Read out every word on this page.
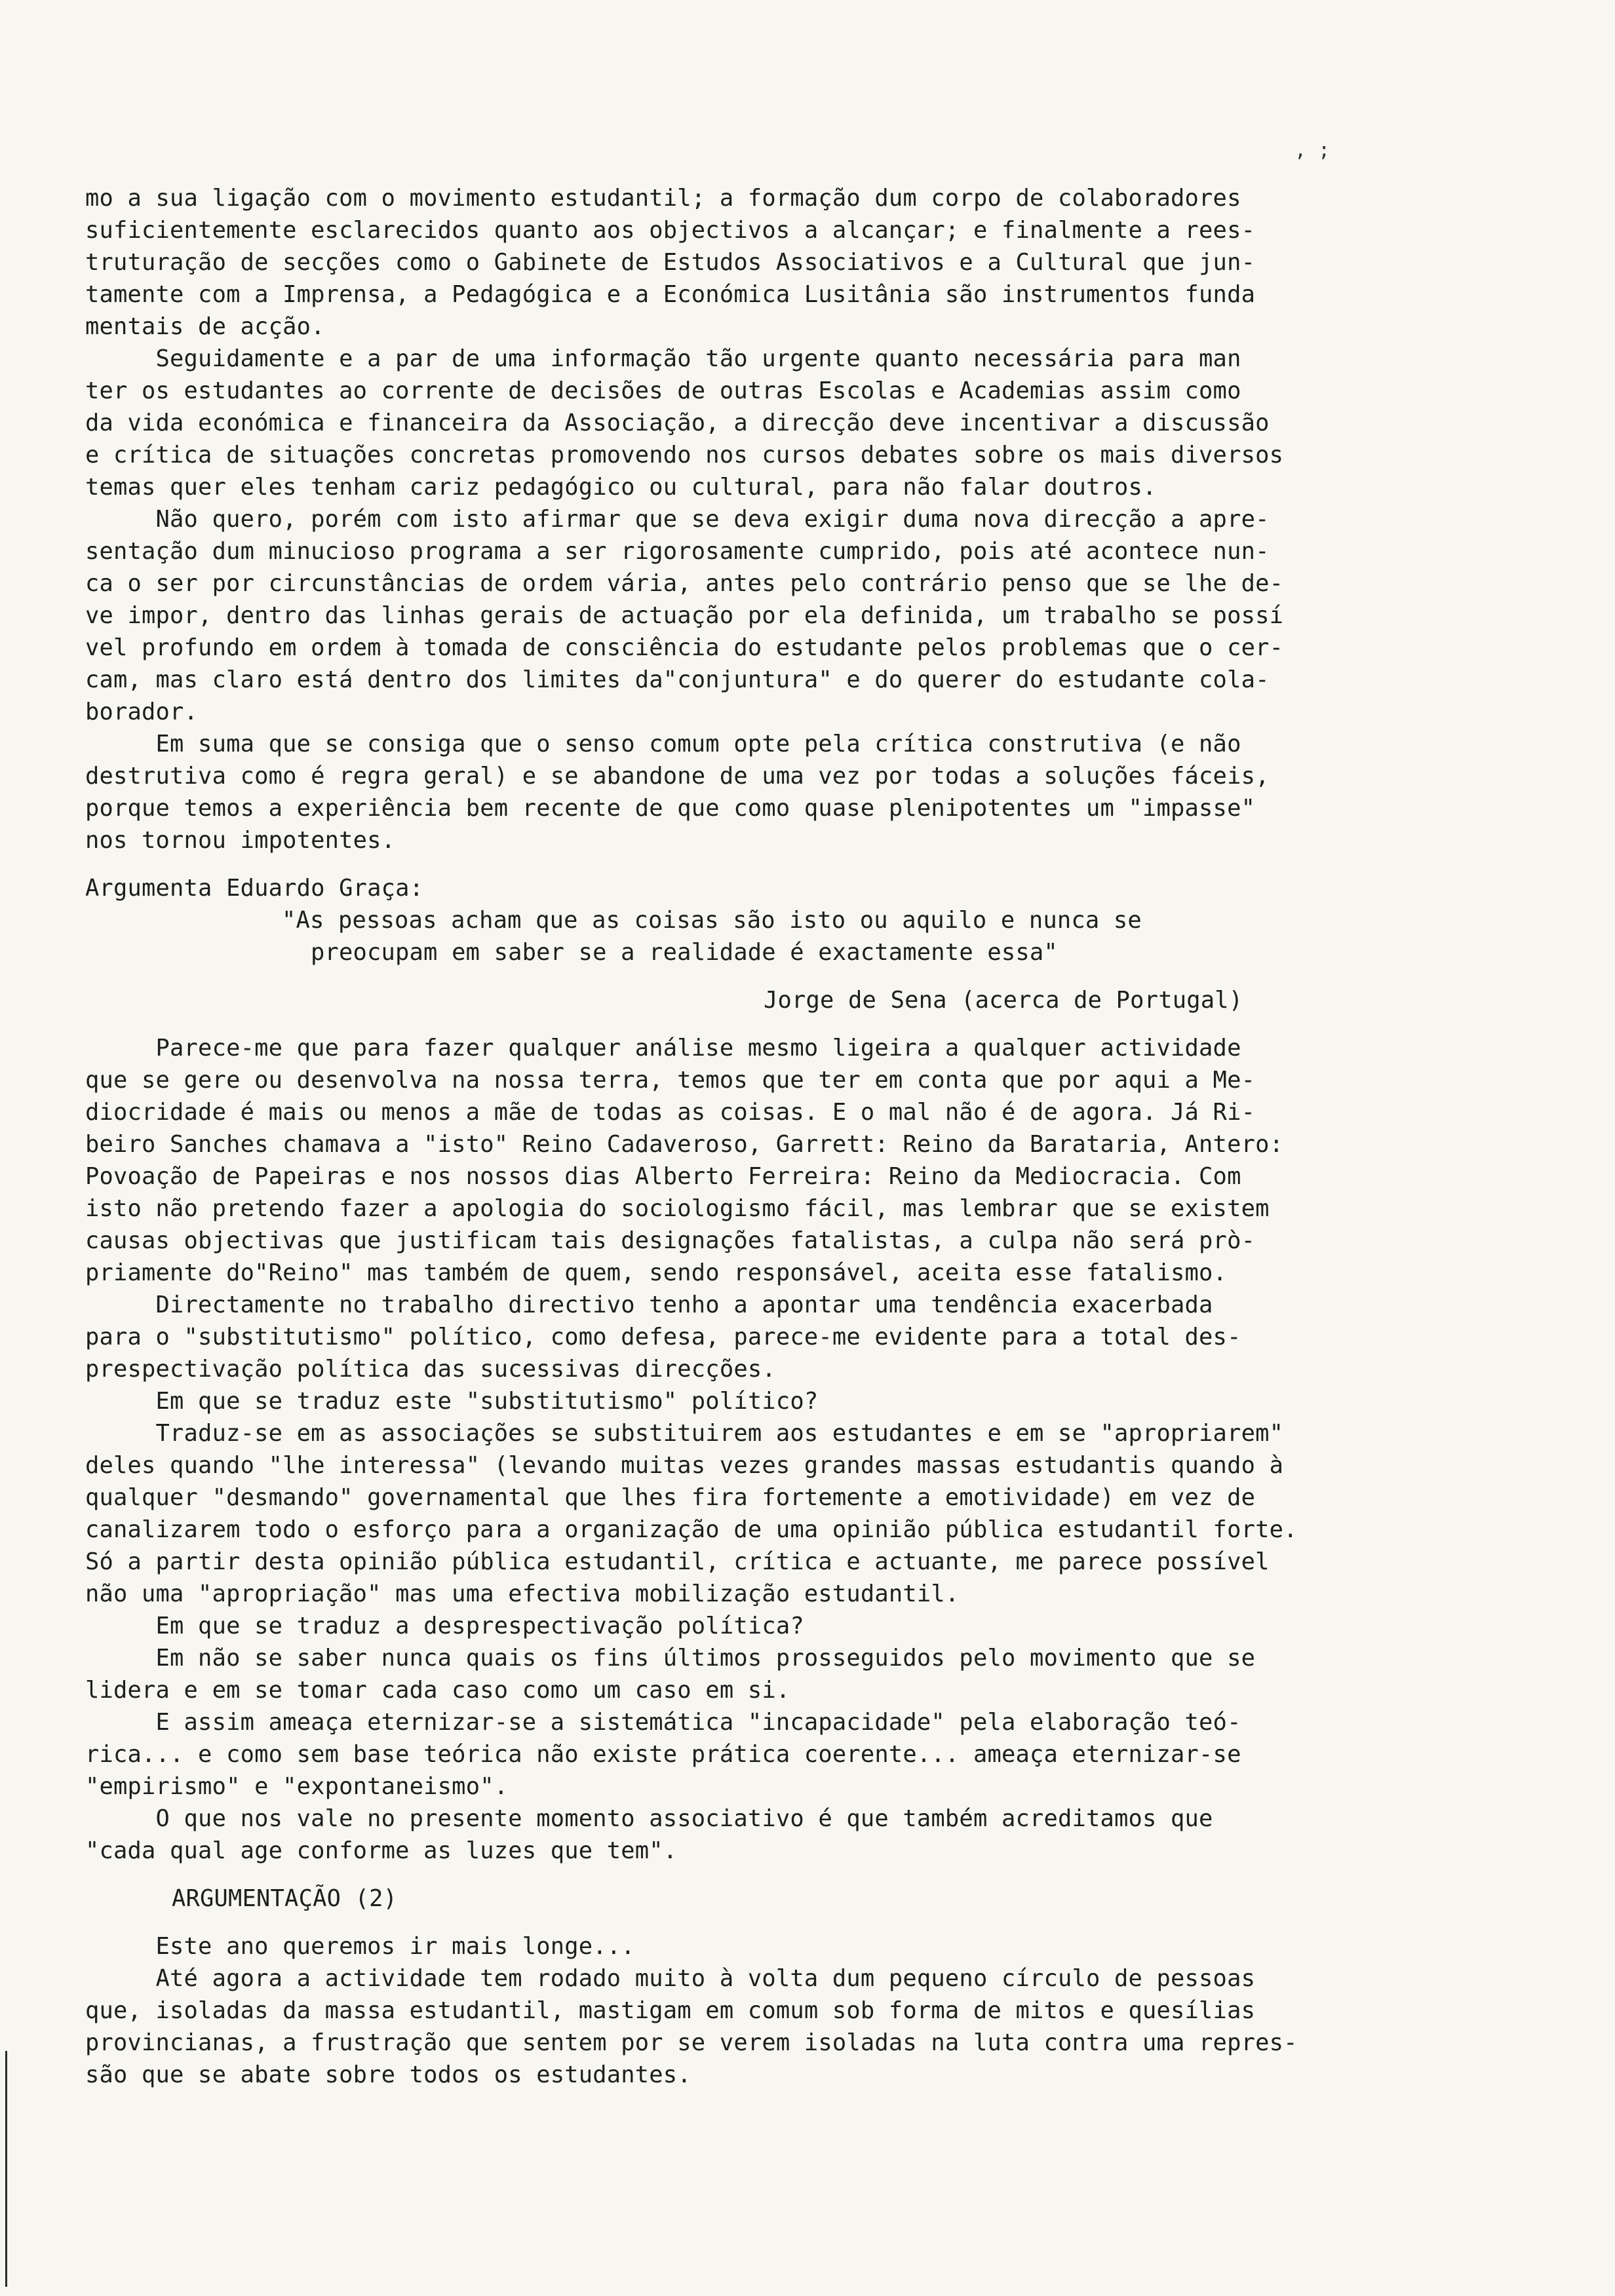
, ;
mo a sua ligação com o movimento estudantil; a formação dum corpo de colaboradores
suficientemente esclarecidos quanto aos objectivos a alcançar; e finalmente a rees-
truturação de secções como o Gabinete de Estudos Associativos e a Cultural que jun-
tamente com a Imprensa, a Pedagógica e a Económica Lusitânia são instrumentos funda
mentais de acção.
Seguidamente e a par de uma informação tão urgente quanto necessária para man
ter os estudantes ao corrente de decisões de outras Escolas e Academias assim como
da vida económica e financeira da Associação, a direcção deve incentivar a discussão
e crítica de situações concretas promovendo nos cursos debates sobre os mais diversos
temas quer eles tenham cariz pedagógico ou cultural, para não falar doutros.
Não quero, porém com isto afirmar que se deva exigir duma nova direcção a apre-
sentação dum minucioso programa a ser rigorosamente cumprido, pois até acontece nun-
ca o ser por circunstâncias de ordem vária, antes pelo contrário penso que se lhe de-
ve impor, dentro das linhas gerais de actuação por ela definida, um trabalho se possí
vel profundo em ordem à tomada de consciência do estudante pelos problemas que o cer-
cam, mas claro está dentro dos limites da"conjuntura" e do querer do estudante cola-
borador.
Em suma que se consiga que o senso comum opte pela crítica construtiva (e não
destrutiva como é regra geral) e se abandone de uma vez por todas a soluções fáceis,
porque temos a experiência bem recente de que como quase plenipotentes um "impasse"
nos tornou impotentes.
Argumenta Eduardo Graça:
"As pessoas acham que as coisas são isto ou aquilo e nunca se
preocupam em saber se a realidade é exactamente essa"
Jorge de Sena (acerca de Portugal)
Parece-me que para fazer qualquer análise mesmo ligeira a qualquer actividade
que se gere ou desenvolva na nossa terra, temos que ter em conta que por aqui a Me-
diocridade é mais ou menos a mãe de todas as coisas. E o mal não é de agora. Já Ri-
beiro Sanches chamava a "isto" Reino Cadaveroso, Garrett: Reino da Barataria, Antero:
Povoação de Papeiras e nos nossos dias Alberto Ferreira: Reino da Mediocracia. Com
isto não pretendo fazer a apologia do sociologismo fácil, mas lembrar que se existem
causas objectivas que justificam tais designações fatalistas, a culpa não será prò-
priamente do"Reino" mas também de quem, sendo responsável, aceita esse fatalismo.
Directamente no trabalho directivo tenho a apontar uma tendência exacerbada
para o "substitutismo" político, como defesa, parece-me evidente para a total des-
prespectivação política das sucessivas direcções.
Em que se traduz este "substitutismo" político?
Traduz-se em as associações se substituirem aos estudantes e em se "apropriarem"
deles quando "lhe interessa" (levando muitas vezes grandes massas estudantis quando à
qualquer "desmando" governamental que lhes fira fortemente a emotividade) em vez de
canalizarem todo o esforço para a organização de uma opinião pública estudantil forte.
Só a partir desta opinião pública estudantil, crítica e actuante, me parece possível
não uma "apropriação" mas uma efectiva mobilização estudantil.
Em que se traduz a desprespectivação política?
Em não se saber nunca quais os fins últimos prosseguidos pelo movimento que se
lidera e em se tomar cada caso como um caso em si.
E assim ameaça eternizar-se a sistemática "incapacidade" pela elaboração teó-
rica... e como sem base teórica não existe prática coerente... ameaça eternizar-se
"empirismo" e "expontaneismo".
O que nos vale no presente momento associativo é que também acreditamos que
"cada qual age conforme as luzes que tem".
ARGUMENTAÇÃO (2)
Este ano queremos ir mais longe...
Até agora a actividade tem rodado muito à volta dum pequeno círculo de pessoas
que, isoladas da massa estudantil, mastigam em comum sob forma de mitos e quesílias
provincianas, a frustração que sentem por se verem isoladas na luta contra uma repres-
são que se abate sobre todos os estudantes.
